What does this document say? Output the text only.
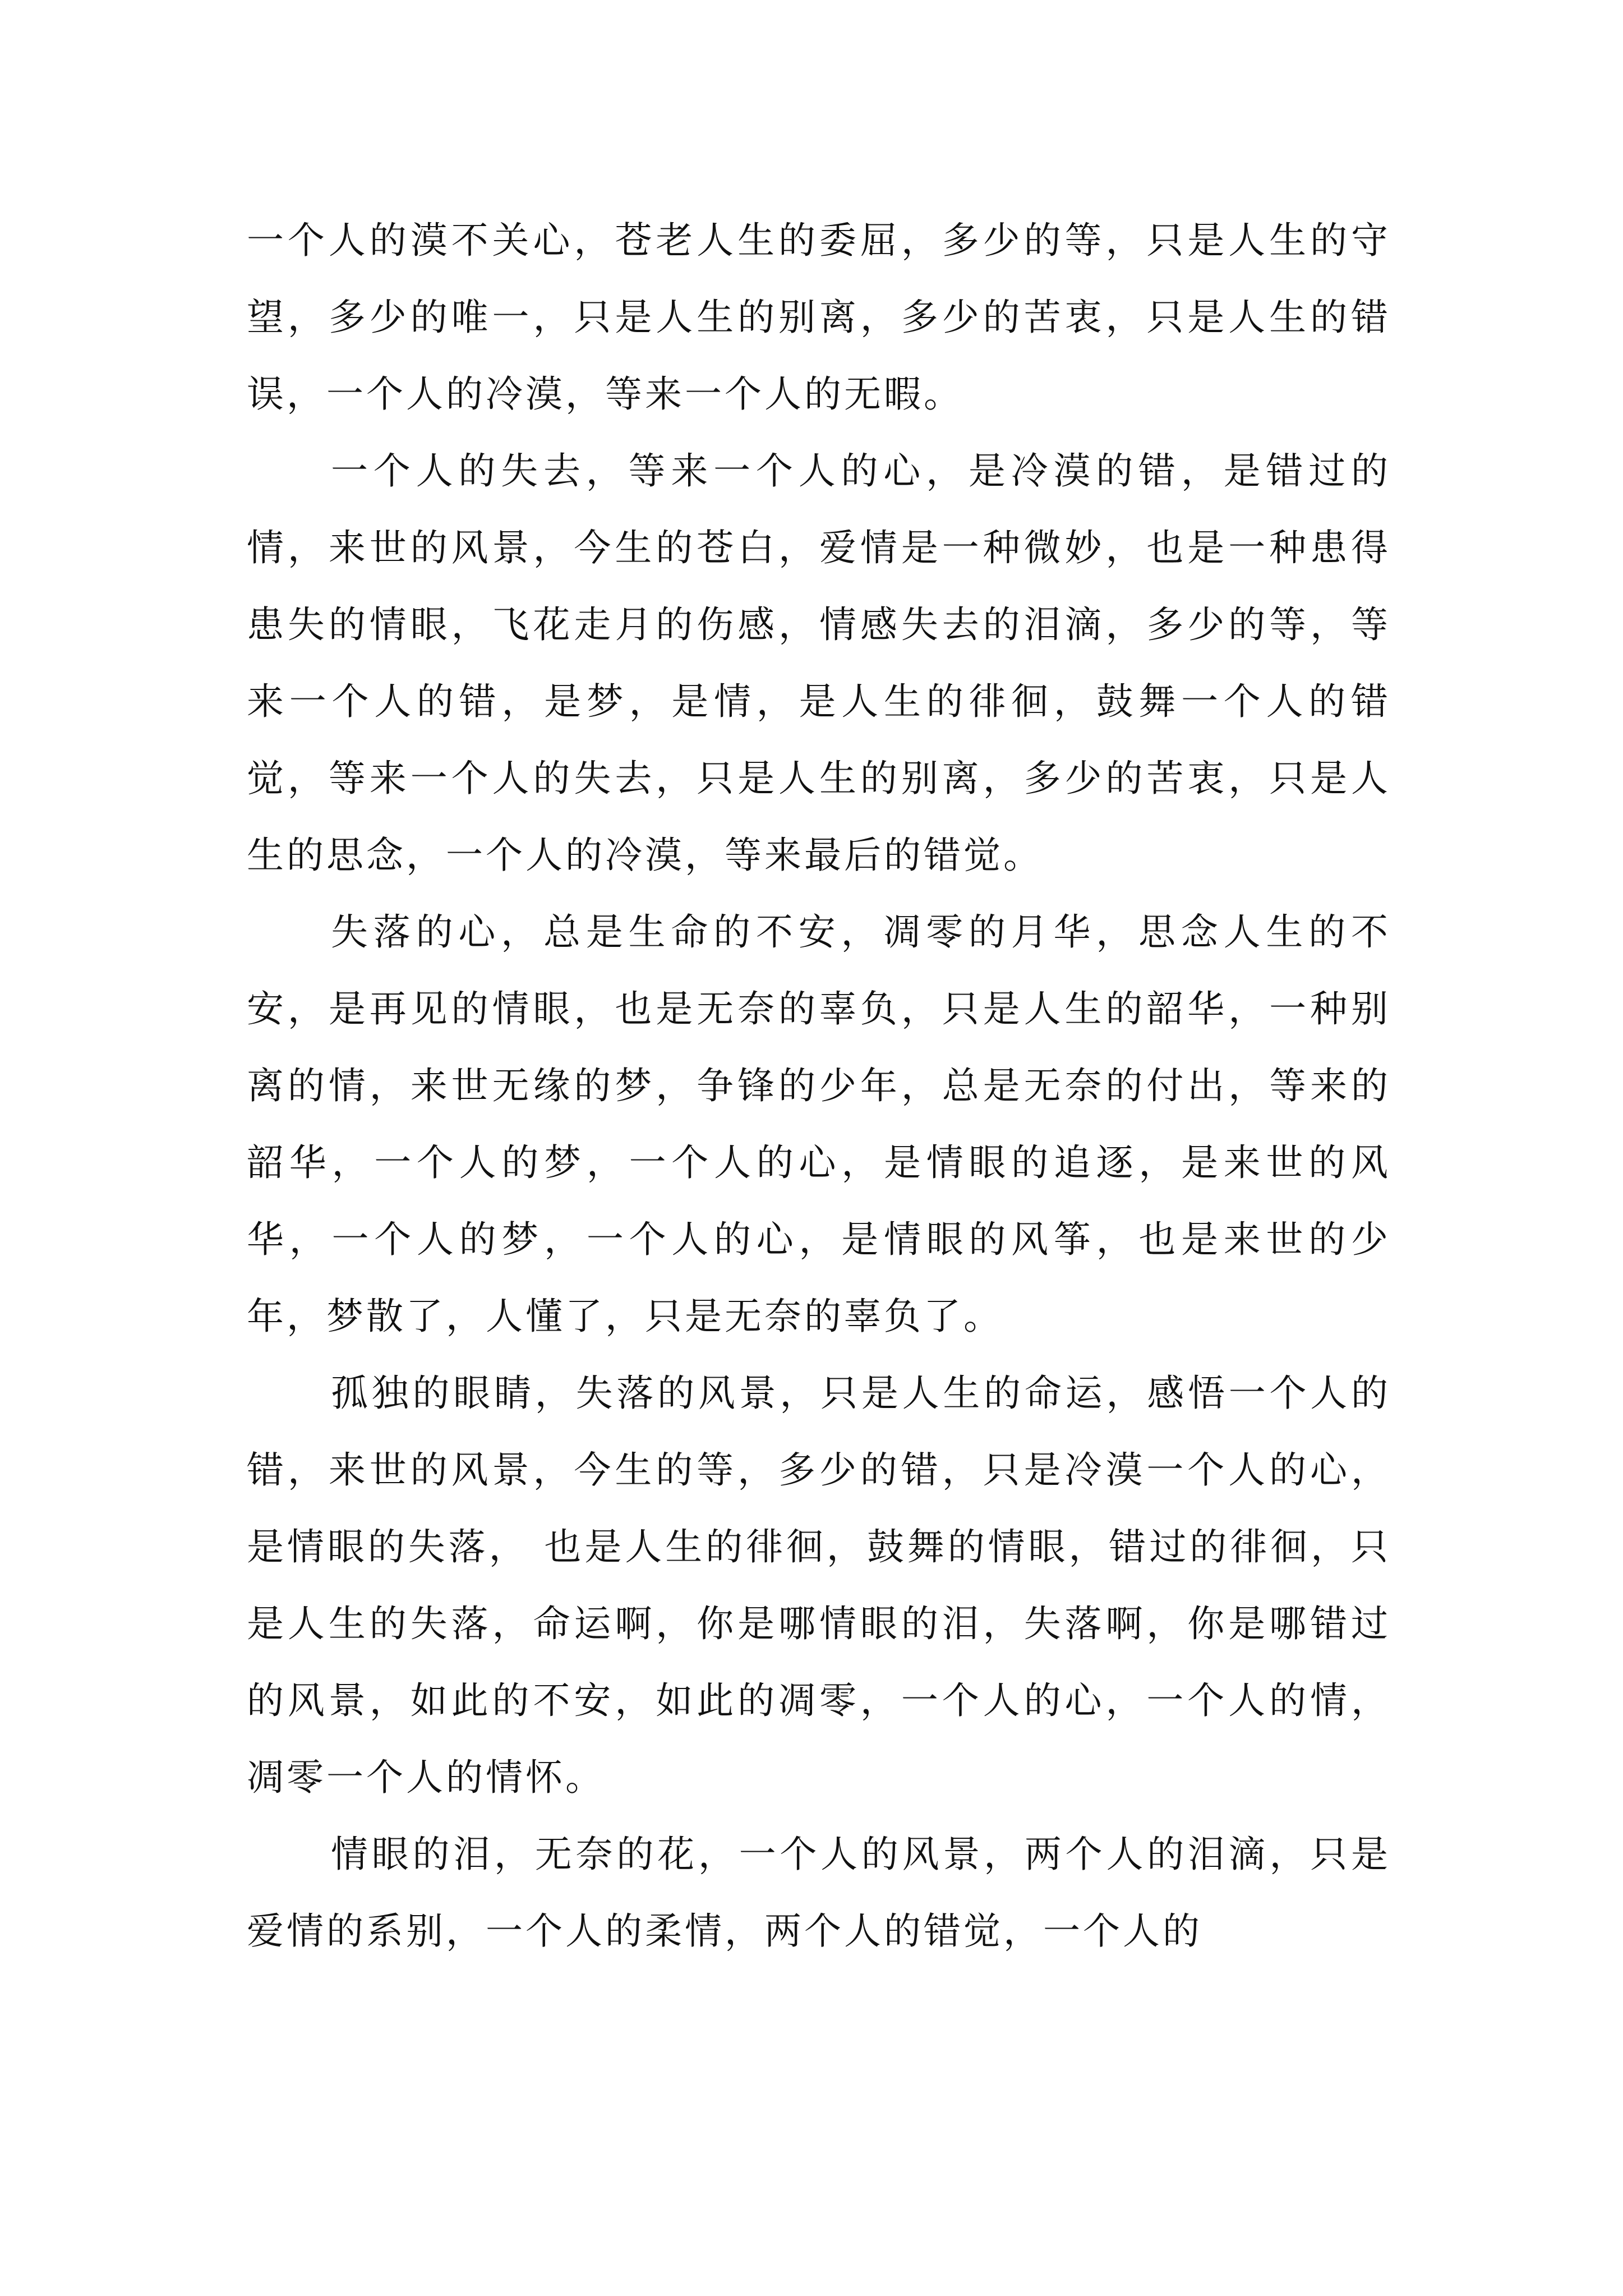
一个人的漠不关心，苍老人生的委屈，多少的等，只是人生的守望，多少的唯一，只是人生的别离，多少的苦衷，只是人生的错误，一个人的冷漠，等来一个人的无暇。

一个人的失去，等来一个人的心，是冷漠的错，是错过的情，来世的风景，今生的苍白，爱情是一种微妙，也是一种患得患失的情眼，飞花走月的伤感，情感失去的泪滴，多少的等，等来一个人的错，是梦，是情，是人生的徘徊，鼓舞一个人的错觉，等来一个人的失去，只是人生的别离，多少的苦衷，只是人生的思念，一个人的冷漠，等来最后的错觉。

失落的心，总是生命的不安，凋零的月华，思念人生的不安，是再见的情眼，也是无奈的辜负，只是人生的韶华，一种别离的情，来世无缘的梦，争锋的少年，总是无奈的付出，等来的韶华，一个人的梦，一个人的心，是情眼的追逐，是来世的风华，一个人的梦，一个人的心，是情眼的风筝，也是来世的少年，梦散了，人懂了，只是无奈的辜负了。

孤独的眼睛，失落的风景，只是人生的命运，感悟一个人的错，来世的风景，今生的等，多少的错，只是冷漠一个人的心，是情眼的失落， 也是人生的徘徊，鼓舞的情眼，错过的徘徊，只是人生的失落，命运啊，你是哪情眼的泪，失落啊，你是哪错过的风景，如此的不安，如此的凋零，一个人的心，一个人的情，凋零一个人的情怀。

情眼的泪，无奈的花，一个人的风景，两个人的泪滴，只是爱情的系别，一个人的柔情，两个人的错觉，一个人的
